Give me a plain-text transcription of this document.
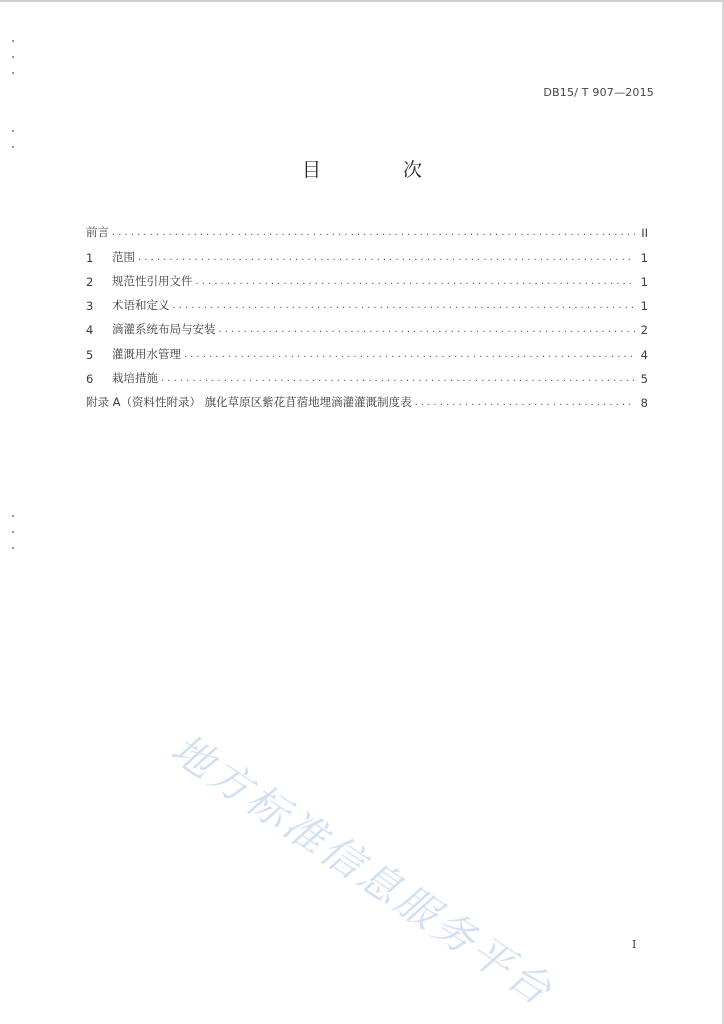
DB15/ T 907—2015
目 次
前言 .....	II
1	范围 .....	1
2	规范性引用文件 .....	1
3	术语和定义 .....	1
4	滴灌系统布局与安装 .....	2
5	灌溉用水管理 .....	4
6	栽培措施 .....	5
附录 A（资料性附录） 旗化草原区紫花苜蓿地埋滴灌灌溉制度表 .....	8
地方标准信息服务平台	I
